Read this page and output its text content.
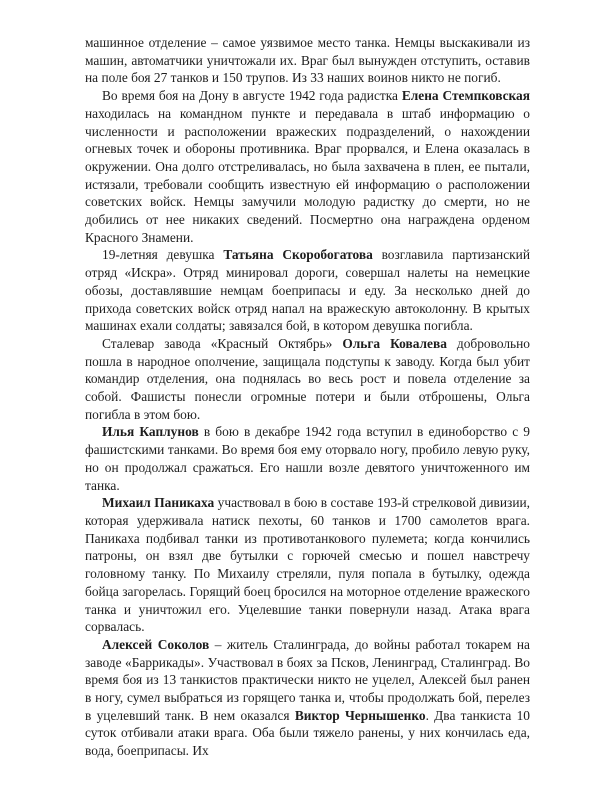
машинное отделение – самое уязвимое место танка. Немцы выскакивали из машин, автоматчики уничтожали их. Враг был вынужден отступить, оставив на поле боя 27 танков и 150 трупов. Из 33 наших воинов никто не погиб.

Во время боя на Дону в августе 1942 года радистка Елена Стемпковская находилась на командном пункте и передавала в штаб информацию о численности и расположении вражеских подразделений, о нахождении огневых точек и обороны противника. Враг прорвался, и Елена оказалась в окружении. Она долго отстреливалась, но была захвачена в плен, ее пытали, истязали, требовали сообщить известную ей информацию о расположении советских войск. Немцы замучили молодую радистку до смерти, но не добились от нее никаких сведений. Посмертно она награждена орденом Красного Знамени.

19-летняя девушка Татьяна Скоробогатова возглавила партизанский отряд «Искра». Отряд минировал дороги, совершал налеты на немецкие обозы, доставлявшие немцам боеприпасы и еду. За несколько дней до прихода советских войск отряд напал на вражескую автоколонну. В крытых машинах ехали солдаты; завязался бой, в котором девушка погибла.

Сталевар завода «Красный Октябрь» Ольга Ковалева добровольно пошла в народное ополчение, защищала подступы к заводу. Когда был убит командир отделения, она поднялась во весь рост и повела отделение за собой. Фашисты понесли огромные потери и были отброшены, Ольга погибла в этом бою.

Илья Каплунов в бою в декабре 1942 года вступил в единоборство с 9 фашистскими танками. Во время боя ему оторвало ногу, пробило левую руку, но он продолжал сражаться. Его нашли возле девятого уничтоженного им танка.

Михаил Паникаха участвовал в бою в составе 193-й стрелковой дивизии, которая удерживала натиск пехоты, 60 танков и 1700 самолетов врага. Паникаха подбивал танки из противотанкового пулемета; когда кончились патроны, он взял две бутылки с горючей смесью и пошел навстречу головному танку. По Михаилу стреляли, пуля попала в бутылку, одежда бойца загорелась. Горящий боец бросился на моторное отделение вражеского танка и уничтожил его. Уцелевшие танки повернули назад. Атака врага сорвалась.

Алексей Соколов – житель Сталинграда, до войны работал токарем на заводе «Баррикады». Участвовал в боях за Псков, Ленинград, Сталинград. Во время боя из 13 танкистов практически никто не уцелел, Алексей был ранен в ногу, сумел выбраться из горящего танка и, чтобы продолжать бой, перелез в уцелевший танк. В нем оказался Виктор Чернышенко. Два танкиста 10 суток отбивали атаки врага. Оба были тяжело ранены, у них кончилась еда, вода, боеприпасы. Их
